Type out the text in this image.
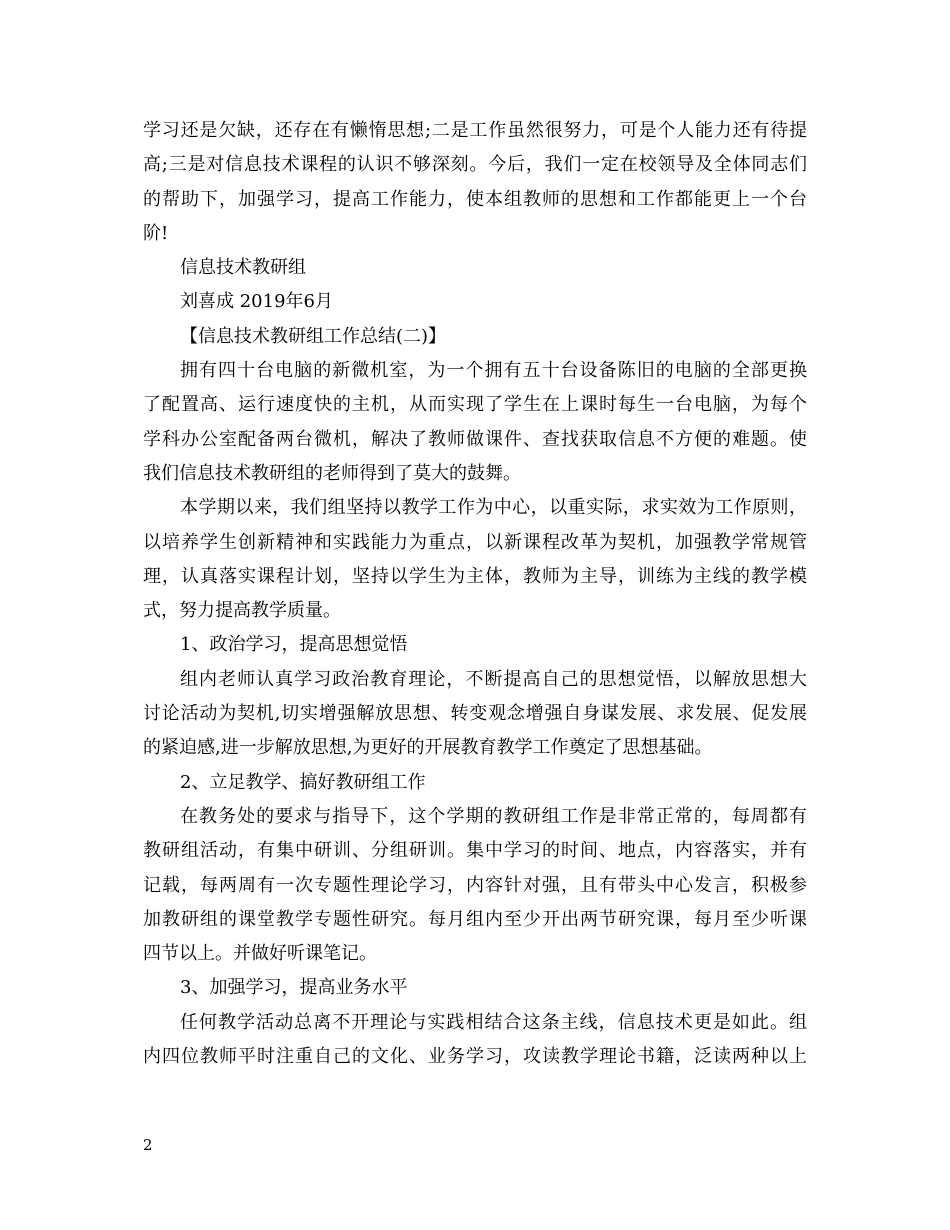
学习还是欠缺，还存在有懒惰思想;二是工作虽然很努力，可是个人能力还有待提
高;三是对信息技术课程的认识不够深刻。今后，我们一定在校领导及全体同志们
的帮助下，加强学习，提高工作能力，使本组教师的思想和工作都能更上一个台
阶!
信息技术教研组
刘喜成 2019年6月
【信息技术教研组工作总结(二)】
拥有四十台电脑的新微机室，为一个拥有五十台设备陈旧的电脑的全部更换
了配置高、运行速度快的主机，从而实现了学生在上课时每生一台电脑，为每个
学科办公室配备两台微机，解决了教师做课件、查找获取信息不方便的难题。使
我们信息技术教研组的老师得到了莫大的鼓舞。
本学期以来，我们组坚持以教学工作为中心，以重实际，求实效为工作原则，
以培养学生创新精神和实践能力为重点，以新课程改革为契机，加强教学常规管
理，认真落实课程计划，坚持以学生为主体，教师为主导，训练为主线的教学模
式，努力提高教学质量。
1、政治学习，提高思想觉悟
组内老师认真学习政治教育理论，不断提高自己的思想觉悟，以解放思想大
讨论活动为契机,切实增强解放思想、转变观念增强自身谋发展、求发展、促发展
的紧迫感,进一步解放思想,为更好的开展教育教学工作奠定了思想基础。
2、立足教学、搞好教研组工作
在教务处的要求与指导下，这个学期的教研组工作是非常正常的，每周都有
教研组活动，有集中研训、分组研训。集中学习的时间、地点，内容落实，并有
记载，每两周有一次专题性理论学习，内容针对强，且有带头中心发言，积极参
加教研组的课堂教学专题性研究。每月组内至少开出两节研究课，每月至少听课
四节以上。并做好听课笔记。
3、加强学习，提高业务水平
任何教学活动总离不开理论与实践相结合这条主线，信息技术更是如此。组
内四位教师平时注重自己的文化、业务学习，攻读教学理论书籍，泛读两种以上
2
